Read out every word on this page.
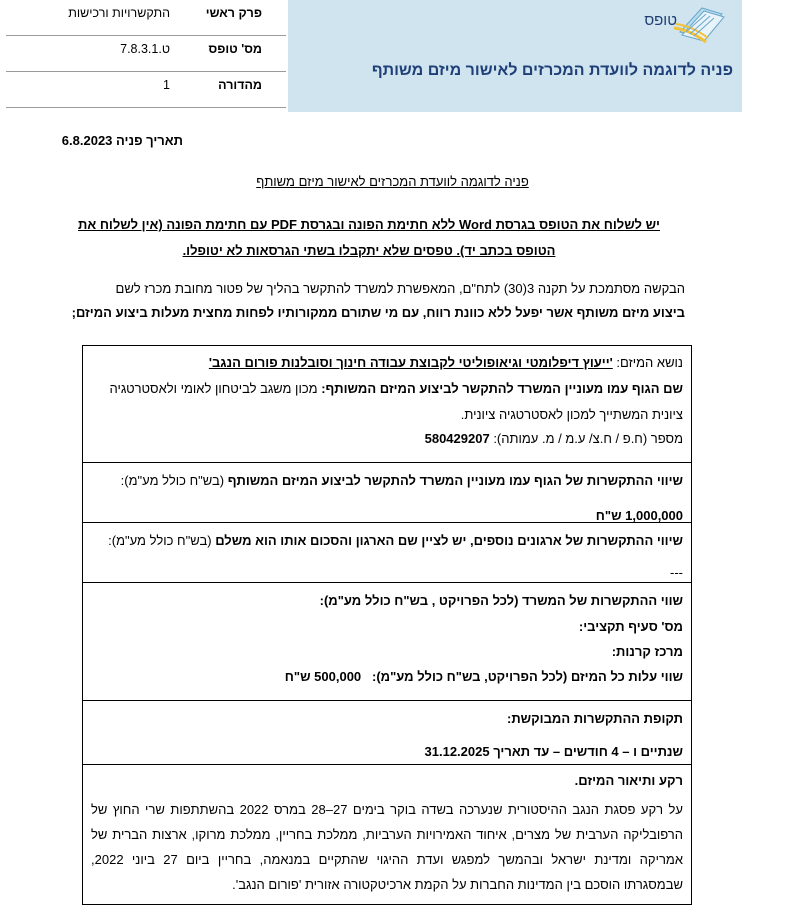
טופס
פניה לדוגמה לוועדת המכרזים לאישור מיזם משותף
פרק ראשי
התקשרויות ורכישות
מס' טופס
ט.7.8.3.1
מהדורה
1
תאריך פניה 6.8.2023
פניה לדוגמה לוועדת המכרזים לאישור מיזם משותף
יש לשלוח את הטופס בגרסת Word ללא חתימת הפונה ובגרסת PDF עם חתימת הפונה (אין לשלוח את הטופס בכתב יד). טפסים שלא יתקבלו בשתי הגרסאות לא יטופלו.
הבקשה מסתמכת על תקנה 3(30) לתח"ם, המאפשרת למשרד להתקשר בהליך של פטור מחובת מכרז לשם
ביצוע מיזם משותף אשר יפעל ללא כוונת רווח, עם מי שתורם ממקורותיו לפחות מחצית מעלות ביצוע המיזם;
נושא המיזם: 'ייעוץ דיפלומטי וגיאופוליטי לקבוצת עבודה חינוך וסובלנות פורום הנגב'
שם הגוף עמו מעוניין המשרד להתקשר לביצוע המיזם המשותף: מכון משגב לביטחון לאומי ולאסטרטגיה
ציונית המשתייך למכון לאסטרטגיה ציונית.
מספר (ח.פ / ח.צ/ ע.מ / מ. עמותה): 580429207
שיווי ההתקשרות של הגוף עמו מעוניין המשרד להתקשר לביצוע המיזם המשותף (בש"ח כולל מע"מ):
1,000,000 ש"ח
שיווי ההתקשרות של ארגונים נוספים, יש לציין שם הארגון והסכום אותו הוא משלם (בש"ח כולל מע"מ):
---
שווי ההתקשרות של המשרד (לכל הפרויקט , בש"ח כולל מע"מ):
מס' סעיף תקציבי:
מרכז קרנות:
שווי עלות כל המיזם (לכל הפרויקט, בש"ח כולל מע"מ):   500,000 ש"ח
תקופת ההתקשרות המבוקשת:
שנתיים ו – 4 חודשים – עד תאריך 31.12.2025
רקע ותיאור המיזם.
על רקע פסגת הנגב ההיסטורית שנערכה בשדה בוקר בימים 27–28 במרס 2022 בהשתתפות שרי החוץ של הרפובליקה הערבית של מצרים, איחוד האמירויות הערביות, ממלכת בחריין, ממלכת מרוקו, ארצות הברית של אמריקה ומדינת ישראל ובהמשך למפגש ועדת ההיגוי שהתקיים במנאמה, בחריין ביום 27 ביוני 2022, שבמסגרתו הוסכם בין המדינות החברות על הקמת ארכיטקטורה אזורית 'פורום הנגב'.
